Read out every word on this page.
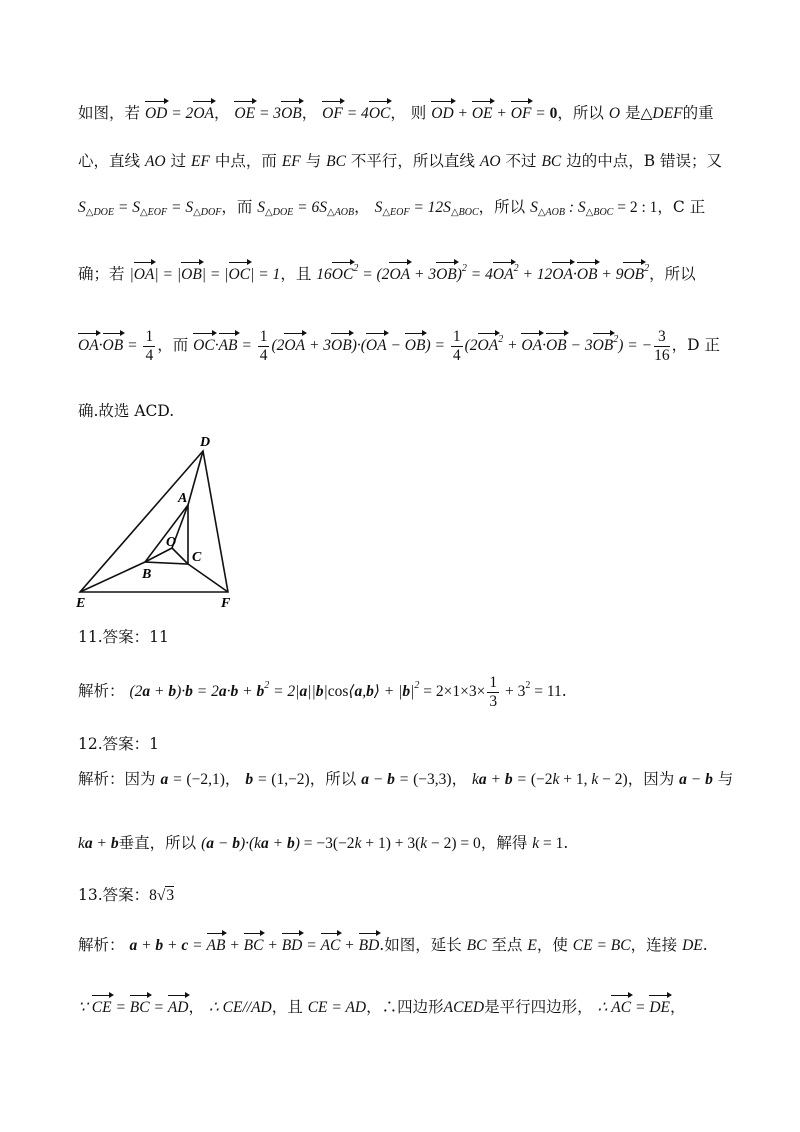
如图，若 OD = 2OA， OE = 3OB， OF = 4OC， 则 OD + OE + OF = 0，所以 O 是△DEF的重
心，直线 AO 过 EF 中点，而 EF 与 BC 不平行，所以直线 AO 不过 BC 边的中点，B 错误；又
$S_{\triangle DOE} = S_{\triangle EOF} = S_{\triangle DOF}$，而 $S_{\triangle DOE} = 6S_{\triangle AOB}$， $S_{\triangle EOF} = 12S_{\triangle BOC}$，所以 $S_{\triangle AOB}$ : $S_{\triangle BOC} = 2$ : 1，C 正
确；若 |OA| = |OB| = |OC| = 1，且 $16OC^2 = (2OA + 3OB)^2 = 4OA^2 + 12OA\cdot OB + 9OB^2$，所以
$OA\cdot OB = \frac{1}{4}$ ，而 $OC\cdot AB = \frac{1}{4} (2OA + 3OB)\cdot(OA - OB) = \frac{1}{4} (2OA^2 + OA\cdot OB - 3OB^2)$ = − $\frac{3}{16}$ ，D 正
确.故选 ACD.
D
A
O
C
B
E	F
11.答案：11
解析： $(2a + b)\cdot b = 2a\cdot b + b^2$ = 2|a||b|cos⟨a,b⟩ + $|b|^2 = 2\times 1\times 3\times \frac{1}{3} + 3^2 = 11$.
12.答案：1
解析：因为 a = (−2,1)， b = (1,−2)，所以 a − b = (−3,3)， ka + b = (−2k + 1, k − 2)，因为 a − b 与
ka + b垂直，所以 (a − b)·(ka + b) = −3(−2k + 1) + 3(k − 2) = 0，解得 k = 1.
13.答案：8√3
解析： a + b + c = AB + BC + BD = AC + BD.如图，延长 BC 至点 E，使 CE = BC，连接 DE.
∵ CE = BC = AD， ∴ CE//AD，且 CE = AD，∴四边形ACED是平行四边形， ∴ AC = DE，
